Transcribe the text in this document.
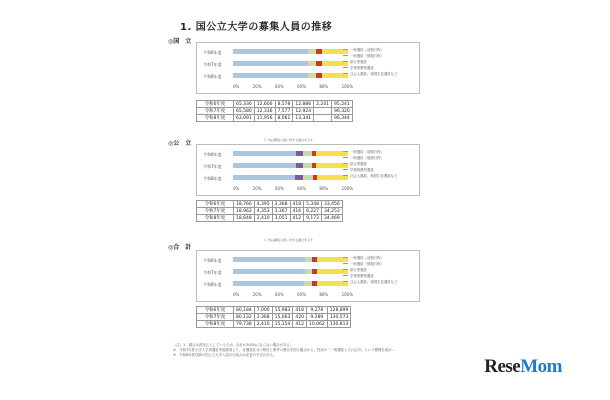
1. 国公立大学の募集人員の推移
◎国　立
令和6年度
令和7年度
令和8年度
0%	20%	40%	60%	80%	100%
一般選抜（前期日程）
一般選抜（後期日程）
総合型選抜
学校推薦型選抜
社会人選抜、帰国生徒選抜など
令和6年度	65,336	12,600	8,578	12,886	2,241	95,241
令和7年度	65,580	12,336	7,577	12,924		96,320
令和8年度	63,091	11,956	8,061	13,341		96,344
（）内は募集人員に対する割合を示す
◎公　立
令和6年度
令和7年度
令和8年度
0%	20%	40%	60%	80%	100%
一般選抜（前期日程）
一般選抜（後期日程）
総合型選抜
学校推薦型選抜
社会人選抜、帰国生徒選抜など
令和6年度	18,766	4,395	3,368	418	5,348	33,456
令和7年度	18,962	4,353	3,367	416	6,227	34,253
令和8年度	18,648	2,410	3,051	412	9,173	34,469
（）内は募集人員に対する割合を示す
◎合　計
令和6年度
令和7年度
令和8年度
0%	20%	40%	60%	80%	100%
一般選抜（前期日程）
一般選抜（後期日程）
総合型選抜
学校推薦型選抜
社会人選抜、帰国生徒選抜など
令和6年度	80,184	7,000	15,983	418	9,278	128,899
令和7年度	80,132	2,368	15,063	420	9,289	130,573
令和8年度	79,738	2,410	15,154	412	10,062	130,813
（注）1　割合は四捨五入しているため、合計が100%にならない場合がある。
※　令和7年度大学入学者選抜実施要項より、各選抜区分の特性と要件の整合を図る観点から、従来の「一般選抜とそれ以外」という整理を改め…
※　令和8年度以降の国公立大学入試の仕組みは変更の予定がある。
ReseMom
